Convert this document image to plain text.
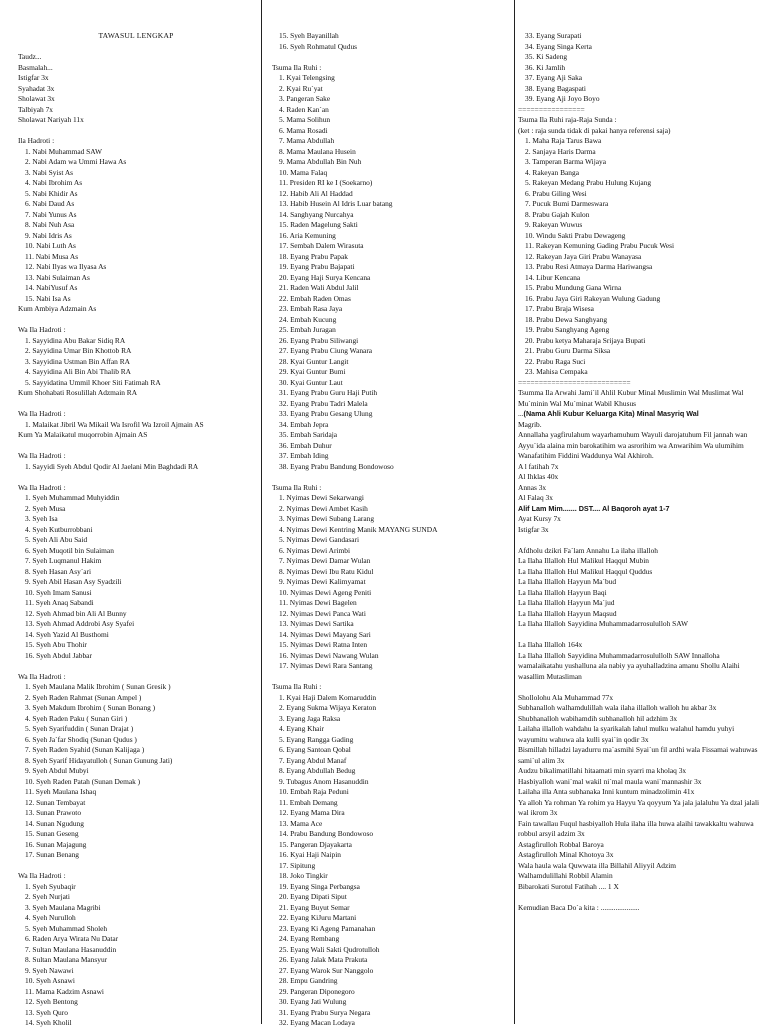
TAWASUL LENGKAP
Taudz...
Basmalah...
Istigfar 3x
Syahadat 3x
Sholawat 3x
Talbiyah 7x
Sholawat Nariyah 11x
Ila Hadroti :
1. Nabi Muhammad SAW
2. Nabi Adam wa Ummi Hawa As
3. Nabi Syist As
4. Nabi Ibrohim As
5. Nabi Khidir As
6. Nabi Daud As
7. Nabi Yunus As
8. Nabi Nuh Asa
9. Nabi Idris As
10. Nabi Luth As
11. Nabi Musa As
12. Nabi Ilyas wa Ilyasa As
13. Nabi Sulaiman As
14. NabiYusuf As
15. Nabi Isa As
Kum Ambiya Adzmain As
Wa Ila Hadroti :
1. Sayyidina Abu Bakar Sidiq RA
2. Sayyidina Umar Bin Khottob RA
3. Sayyidina Ustman Bin Affan RA
4. Sayyidina Ali Bin Abi Thalib RA
5. Sayyidatina Ummil Khoer Siti Fatimah RA
Kum Shohabati Rosulillah Adzmain RA
Wa Ila Hadroti :
1. Malaikat Jibril Wa Mikail Wa Isrofil Wa Izroil Ajmain AS
Kum Ya Malaikatul muqorrobin Ajmain AS
Wa Ila Hadroti :
1. Sayyidi Syeh Abdul Qodir Al Jaelani Min Baghdadi RA
Wa Ila Hadroti :
1. Syeh Muhammad Muhyiddin
2. Syeh Musa
3. Syeh Isa
4. Syeh Kutburrobbani
5. Syeh Ali Abu Said
6. Syeh Muqotil bin Sulaiman
7. Syeh Luqmanul Hakim
8. Syeh Hasan Asy`ari
9. Syeh Abil Hasan Asy Syadzili
10. Syeh Imam Sanusi
11. Syeh Anaq Sabandi
12. Syeh Ahmad bin Ali Al Bunny
13. Syeh Ahmad Addrobi Asy Syafei
14. Syeh Yazid Al Busthomi
15. Syeh Abu Thohir
16. Syeh Abdul Jabbar
Wa Ila Hadroti :
1. Syeh Maulana Malik Ibrohim ( Sunan Gresik )
2. Syeh Raden Rahmat (Sunan Ampel )
3. Syeh Makdum Ibrohim ( Sunan Bonang )
4. Syeh Raden Paku ( Sunan Giri )
5. Syeh Syarifuddin ( Sunan Drajat )
6. Syeh Ja`far Shodiq (Sunan Qudus )
7. Syeh Raden Syahid (Sunan Kalijaga )
8. Syeh Syarif Hidayatulloh ( Sunan Gunung Jati)
9. Syeh Abdul Mubyi
10. Syeh Raden Patah (Sunan Demak )
11. Syeh Maulana Ishaq
12. Sunan Tembayat
13. Sunan Prawoto
14. Sunan Ngudung
15. Sunan Geseng
16. Sunan Majagung
17. Sunan Benang
Wa Ila Hadroti :
1. Syeh Syubaqir
2. Syeh Nurjati
3. Syeh Maulana Magribi
4. Syeh Nurulloh
5. Syeh Muhammad Sholeh
6. Raden Arya Wirata Nu Datar
7. Sultan Maulana Hasanuddin
8. Sultan Maulana Mansyur
9. Syeh Nawawi
10. Syeh Asnawi
11. Mama Kadzim Asnawi
12. Syeh Bentong
13. Syeh Quro
14. Syeh Kholil
15. Syeh Bayanillah
16. Syeh Rohmatul Qudus
Tsuma Ila Ruhi :
1. Kyai Telengsing
2. Kyai Ru`yat
3. Pangeran Sake
4. Raden Kan`an
5. Mama Solihun
6. Mama Rosadi
7. Mama Abdullah
8. Mama Maulana Husein
9. Mama Abdullah Bin Nuh
10. Mama Falaq
11. Presiden RI ke I (Soekarno)
12. Habib Ali Al Haddad
13. Habib Husein Al Idris Luar batang
14. Sanghyang Nurcahya
15. Raden Magelung Sakti
16. Aria Kemuning
17. Sembah Dalem Wirasuta
18. Eyang Prabu Papak
19. Eyang Prabu Bajapati
20. Eyang Haji Surya Kencana
21. Raden Wali Abdul Jalil
22. Embah Raden Omas
23. Embah Rasa Jaya
24. Embah Kucung
25. Embah Juragan
26. Eyang Prabu Siliwangi
27. Eyang Prabu Ciung Wanara
28. Kyai Guntur Langit
29. Kyai Guntur Bumi
30. Kyai Guntur Laut
31. Eyang Prabu Guru Haji Putih
32. Eyang Prabu Tadri Malela
33. Eyang Prabu Gesang Ulung
34. Embah Jepra
35. Embah Saridaja
36. Embah Duhur
37. Embah Iding
38. Eyang Prabu Bandung Bondowoso
Tsuma Ila Ruhi :
1. Nyimas Dewi Sekarwangi
2. Nyimas Dewi Ambet Kasih
3. Nyimas Dewi Subang Larang
4. Nyimas Dewi Kentring Manik MAYANG SUNDA
5. Nyimas Dewi Gandasari
6. Nyimas Dewi Arimbi
7. Nyimas Dewi Damar Wulan
8. Nyimas Dewi Ibu Ratu Kidul
9. Nyimas Dewi Kalimyamat
10. Nyimas Dewi Ageng Peniti
11. Nyimas Dewi Bagelen
12. Nyimas Dewi Panca Wati
13. Nyimas Dewi Sartika
14. Nyimas Dewi Mayang Sari
15. Nyimas Dewi Ratna Inten
16. Nyimas Dewi Nawang Wulan
17. Nyimas Dewi Rara Santang
Tsuma Ila Ruhi :
1. Kyai Haji Dalem Komaruddin
2. Eyang Sukma Wijaya Keraton
3. Eyang Jaga Raksa
4. Eyang Khair
5. Eyang Rangga Gading
6. Eyang Santoan Qobal
7. Eyang Abdul Manaf
8. Eyang Abdullah Bedug
9. Tubagus Anom Hasanuddin
10. Embah Raja Peduni
11. Embah Demang
12. Eyang Mama Dira
13. Mama Ace
14. Prabu Bandung Bondowoso
15. Pangeran Djayakarta
16. Kyai Haji Naipin
17. Sipitung
18. Joko Tingkir
19. Eyang Singa Perbangsa
20. Eyang Dipati Siput
21. Eyang Buyut Semar
22. Eyang KiJuru Martani
23. Eyang Ki Ageng Pamanahan
24. Eyang Rembang
25. Eyang Wali Sakti Qudrotulloh
26. Eyang Jalak Mata Prakuta
27. Eyang Warok Sur Nanggolo
28. Empu Gandring
29. Pangeran Diponegoro
30. Eyang Jati Wulung
31. Eyang Prabu Surya Negara
32. Eyang Macan Lodaya
33. Eyang Surapati
34. Eyang Singa Kerta
35. Ki Sadeng
36. Ki Jamlih
37. Eyang Aji Saka
38. Eyang Bagaspati
39. Eyang Aji Joyo Boyo
================
Tsuma Ila Ruhi raja-Raja Sunda :
(ket : raja sunda tidak di pakai hanya referensi saja)
1. Maha Raja Tarus Bawa
2. Sanjaya Haris Darma
3. Tamperan Barma Wijaya
4. Rakeyan Banga
5. Rakeyan Medang Prabu Hulung Kujang
6. Prabu Giling Wesi
7. Pucuk Bumi Darmeswara
8. Prabu Gajah Kulon
9. Rakeyan Wuwus
10. Windu Sakti Prabu Dewageng
11. Rakeyan Kemuning Gading Prabu Pucuk Wesi
12. Rakeyan Jaya Giri Prabu Wanayasa
13. Prabu Resi Atmaya Darma Hariwangsa
14. Libur Kencana
15. Prabu Mundung Gana Wirna
16. Prabu Jaya Giri Rakeyan Wulung Gadung
17. Prabu Braja Wisesa
18. Prabu Dewa Sanghyang
19. Prabu Sanghyang Ageng
20. Prabu ketya Maharaja Srijaya Bupati
21. Prabu Guru Darma Siksa
22. Prabu Raga Suci
23. Mahisa Cempaka
===========================
Tsumma Ila Arwahi Jami`il Ahlil Kubur Minal Muslimin Wal Muslimat Wal Mu`minin Wal Mu`minat Wabil Khusus
...(Nama Ahli Kubur Keluarga Kita) Minal Masyriq Wal
Magrib.
Annallaha yagfirulahum wayarhamuhum Wayuli darojatuhum Fil jannah wan Ayyu`ida alaina min barokatihim wa asrorihim wa Anwarihim Wa ulumihim Wanafatihim Fiddini Waddunya Wal Akhiroh.
A l fatihah 7x
Al Ihklas 40x
Annas 3x
Al Falaq 3x
Alif Lam Mim....... DST.... Al Baqoroh ayat 1-7
Ayat Kursy 7x
Istigfar 3x
Afdholu dzikri Fa`lam Annahu La ilaha illalloh
La Ilaha Illalloh Hul Malikul Haqqul Mubin
La Ilaha Illalloh Hul Malikul Haqqul Quddus
La Ilaha Illalloh Hayyun Ma`bud
La Ilaha Illalloh Hayyun Baqi
La Ilaha Illalloh Hayyun Ma`jud
La Ilaha Illalloh Hayyun Maqsud
La Ilaha Illalloh Sayyidina Muhammadarrosululloh SAW
La Ilaha Illalloh 164x
La Ilaha Illalloh Sayyidina Muhammadarrosulullolh SAW Innalloha wamalaikatahu yushalluna ala nabiy ya ayuhalladzina amanu Shollu Alaihi wasallim Mutasliman
Shollolohu Ala Muhammad 77x
Subhanalloh walhamdulillah wala ilaha illalloh walloh hu akbar 3x
Shubhanalloh wabihamdih subhanalloh hil adzhim 3x
Lailaha illalloh wahdahu la syarikalah lahul mulku walahul hamdu yuhyi wayumitu wahuwa ala kulli syai`in qodir 3x
Bismillah hilladzi layadurru ma`asmihi Syai`un fil ardhi wala Fissamai wahuwas sami`ul alim 3x
Audzu bikalimatillahi hitaamati min syarri ma kholaq 3x
Hasbiyalloh wani`mal wakil ni`mal maula wani`mannashir 3x
Lailaha illa Anta subhanaka Inni kuntum minadzolimin 41x
Ya alloh Ya rohman Ya rohim ya Hayyu Ya qoyyum Ya jala jalaluhu Ya dzal jalali wal ikrom 3x
Fain tawallau Fuqul hasbiyalloh Hula ilaha illa huwa alaihi tawakkaltu wahuwa robbul arsyil adzim 3x
Astagfirulloh Robbal Baroya
Astagfirulloh Minal Khotoya 3x
Wala haula wala Quwwata illa Billahil Aliyyil Adzim
Walhamdulillahi Robbil Alamin
Bibarokati Surotul Fatihah .... 1 X
Kemudian Baca Do`a kita : .....................
